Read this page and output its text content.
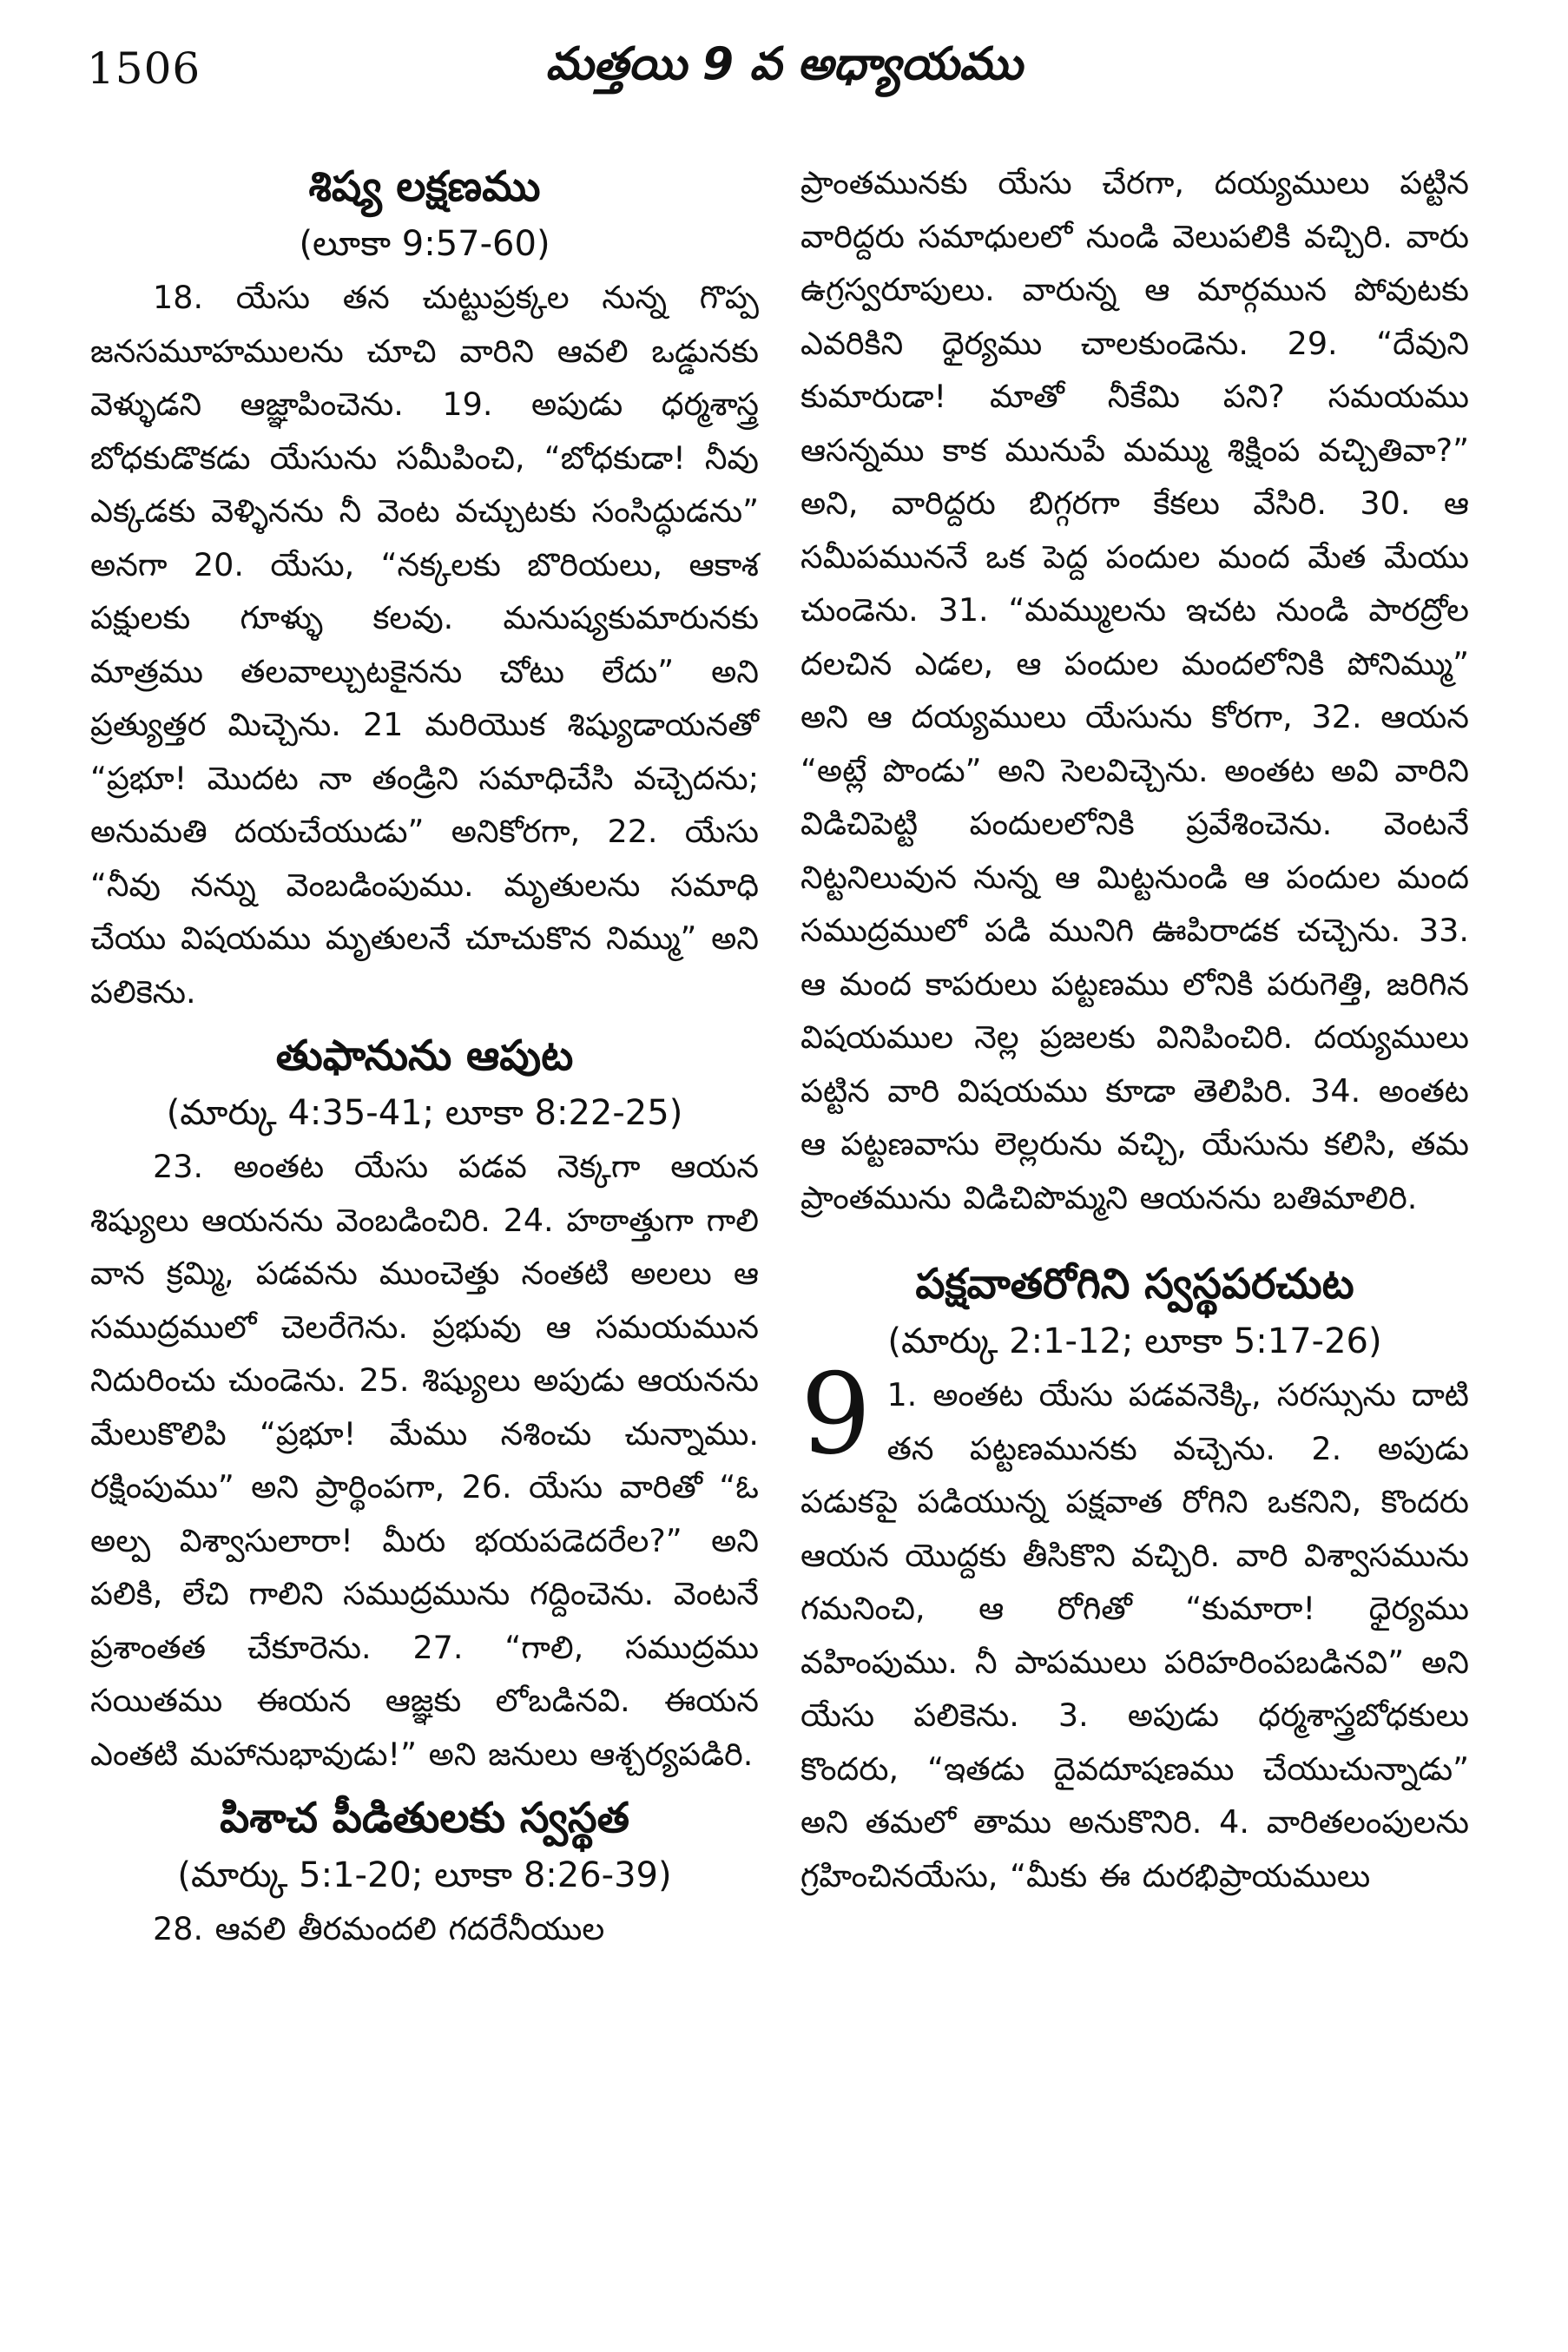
1506	మత్తయి 9 వ అధ్యాయము
శిష్య లక్షణము

(లూకా 9:57-60)

18. యేసు తన చుట్టుప్రక్కల నున్న గొప్ప జనసమూహములను చూచి వారిని ఆవలి ఒడ్డునకు వెళ్ళుడని ఆజ్ఞాపించెను. 19. అపుడు ధర్మశాస్త్ర బోధకుడొకడు యేసును సమీపించి, “బోధకుడా! నీవు ఎక్కడకు వెళ్ళినను నీ వెంట వచ్చుటకు సంసిద్ధుడను” అనగా 20. యేసు, “నక్కలకు బొరియలు, ఆకాశ పక్షులకు గూళ్ళు కలవు. మనుష్యకుమారునకు మాత్రము తలవాల్చుటకైనను చోటు లేదు” అని ప్రత్యుత్తర మిచ్చెను. 21 మరియొక శిష్యుడాయనతో “ప్రభూ! మొదట నా తండ్రిని సమాధిచేసి వచ్చెదను; అనుమతి దయచేయుడు” అనికోరగా, 22. యేసు “నీవు నన్ను వెంబడింపుము. మృతులను సమాధి చేయు విషయము మృతులనే చూచుకొన నిమ్ము” అని పలికెను.

తుఫానును ఆపుట

(మార్కు 4:35-41; లూకా 8:22-25)

23. అంతట యేసు పడవ నెక్కగా ఆయన శిష్యులు ఆయనను వెంబడించిరి. 24. హఠాత్తుగా గాలి వాన క్రమ్మి, పడవను ముంచెత్తు నంతటి అలలు ఆ సముద్రములో చెలరేగెను. ప్రభువు ఆ సమయమున నిదురించు చుండెను. 25. శిష్యులు అపుడు ఆయనను మేలుకొలిపి “ప్రభూ! మేము నశించు చున్నాము. రక్షింపుము” అని ప్రార్థింపగా, 26. యేసు వారితో “ఓ అల్ప విశ్వాసులారా! మీరు భయపడెదరేల?” అని పలికి, లేచి గాలిని సముద్రమును గద్దించెను. వెంటనే ప్రశాంతత చేకూరెను. 27. “గాలి, సముద్రము సయితము ఈయన ఆజ్ఞకు లోబడినవి. ఈయన ఎంతటి మహానుభావుడు!” అని జనులు ఆశ్చర్యపడిరి.

పిశాచ పీడితులకు స్వస్థత

(మార్కు 5:1-20; లూకా 8:26-39)

28. ఆవలి తీరమందలి గదరేనీయుల

ప్రాంతమునకు యేసు చేరగా, దయ్యములు పట్టిన వారిద్దరు సమాధులలో నుండి వెలుపలికి వచ్చిరి. వారు ఉగ్రస్వరూపులు. వారున్న ఆ మార్గమున పోవుటకు ఎవరికిని ధైర్యము చాలకుండెను. 29. “దేవుని కుమారుడా! మాతో నీకేమి పని? సమయము ఆసన్నము కాక మునుపే మమ్ము శిక్షింప వచ్చితివా?” అని, వారిద్దరు బిగ్గరగా కేకలు వేసిరి. 30. ఆ సమీపముననే ఒక పెద్ద పందుల మంద మేత మేయు చుండెను. 31. “మమ్ములను ఇచట నుండి పారద్రోల దలచిన ఎడల, ఆ పందుల మందలోనికి పోనిమ్ము” అని ఆ దయ్యములు యేసును కోరగా, 32. ఆయన “అట్లే పొండు” అని సెలవిచ్చెను. అంతట అవి వారిని విడిచిపెట్టి పందులలోనికి ప్రవేశించెను. వెంటనే నిట్టనిలువున నున్న ఆ మిట్టనుండి ఆ పందుల మంద సముద్రములో పడి మునిగి ఊపిరాడక చచ్చెను. 33. ఆ మంద కాపరులు పట్టణము లోనికి పరుగెత్తి, జరిగిన విషయముల నెల్ల ప్రజలకు వినిపించిరి. దయ్యములు పట్టిన వారి విషయము కూడా తెలిపిరి. 34. అంతట ఆ పట్టణవాసు లెల్లరును వచ్చి, యేసును కలిసి, తమ ప్రాంతమును విడిచిపొమ్మని ఆయనను బతిమాలిరి.

పక్షవాతరోగిని స్వస్థపరచుట

(మార్కు 2:1-12; లూకా 5:17-26)

9 1. అంతట యేసు పడవనెక్కి, సరస్సును దాటి తన పట్టణమునకు వచ్చెను. 2. అపుడు పడుకపై పడియున్న పక్షవాత రోగిని ఒకనిని, కొందరు ఆయన యొద్దకు తీసికొని వచ్చిరి. వారి విశ్వాసమును గమనించి, ఆ రోగితో “కుమారా! ధైర్యము వహింపుము. నీ పాపములు పరిహరింపబడినవి” అని యేసు పలికెను. 3. అపుడు ధర్మశాస్త్రబోధకులు కొందరు, “ఇతడు దైవదూషణము చేయుచున్నాడు” అని తమలో తాము అనుకొనిరి. 4. వారితలంపులను గ్రహించినయేసు, “మీకు ఈ దురభిప్రాయములు
